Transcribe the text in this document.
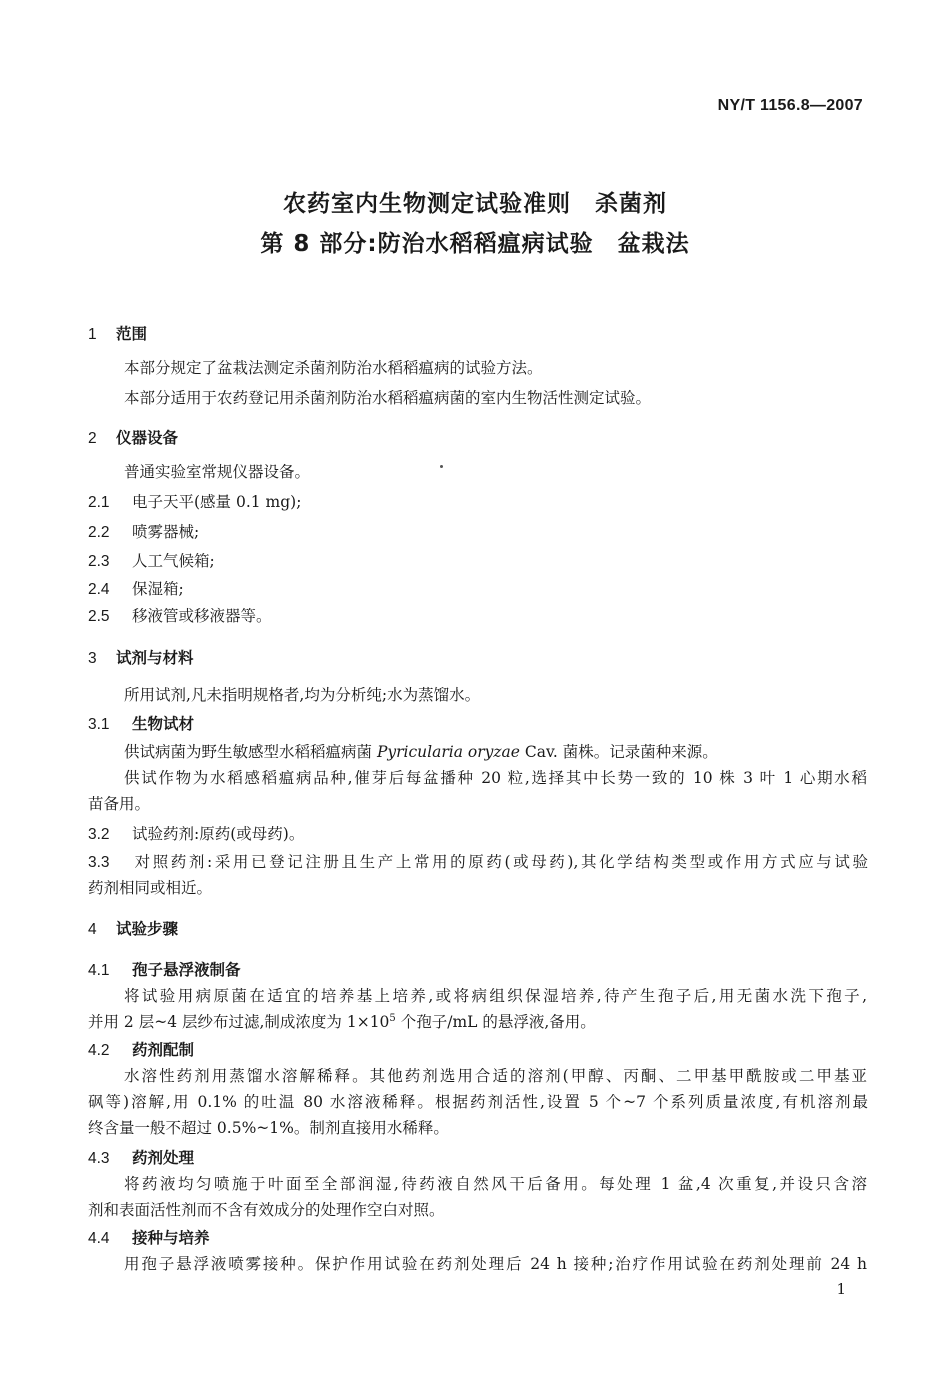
NY/T 1156.8—2007
农药室内生物测定试验准则　杀菌剂
第 8 部分:防治水稻稻瘟病试验　盆栽法
1 范围
本部分规定了盆栽法测定杀菌剂防治水稻稻瘟病的试验方法。
本部分适用于农药登记用杀菌剂防治水稻稻瘟病菌的室内生物活性测定试验。
2 仪器设备
普通实验室常规仪器设备。
2.1 电子天平(感量 0.1 mg);
2.2 喷雾器械;
2.3 人工气候箱;
2.4 保湿箱;
2.5 移液管或移液器等。
3 试剂与材料
所用试剂,凡未指明规格者,均为分析纯;水为蒸馏水。
3.1 生物试材
供试病菌为野生敏感型水稻稻瘟病菌 Pyricularia oryzae Cav. 菌株。记录菌种来源。
供试作物为水稻感稻瘟病品种,催芽后每盆播种 20 粒,选择其中长势一致的 10 株 3 叶 1 心期水稻
苗备用。
3.2 试验药剂:原药(或母药)。
3.3 对照药剂:采用已登记注册且生产上常用的原药(或母药),其化学结构类型或作用方式应与试验
药剂相同或相近。
4 试验步骤
4.1 孢子悬浮液制备
将试验用病原菌在适宜的培养基上培养,或将病组织保湿培养,待产生孢子后,用无菌水洗下孢子,
并用 2 层~4 层纱布过滤,制成浓度为 $1\times 10^5$ 个孢子/mL 的悬浮液,备用。
4.2 药剂配制
水溶性药剂用蒸馏水溶解稀释。其他药剂选用合适的溶剂(甲醇、丙酮、二甲基甲酰胺或二甲基亚
砜等)溶解,用 0.1% 的吐温 80 水溶液稀释。根据药剂活性,设置 5 个~7 个系列质量浓度,有机溶剂最
终含量一般不超过 0.5%~1%。制剂直接用水稀释。
4.3 药剂处理
将药液均匀喷施于叶面至全部润湿,待药液自然风干后备用。每处理 1 盆,4 次重复,并设只含溶
剂和表面活性剂而不含有效成分的处理作空白对照。
4.4 接种与培养
用孢子悬浮液喷雾接种。保护作用试验在药剂处理后 24 h 接种;治疗作用试验在药剂处理前 24 h
1
